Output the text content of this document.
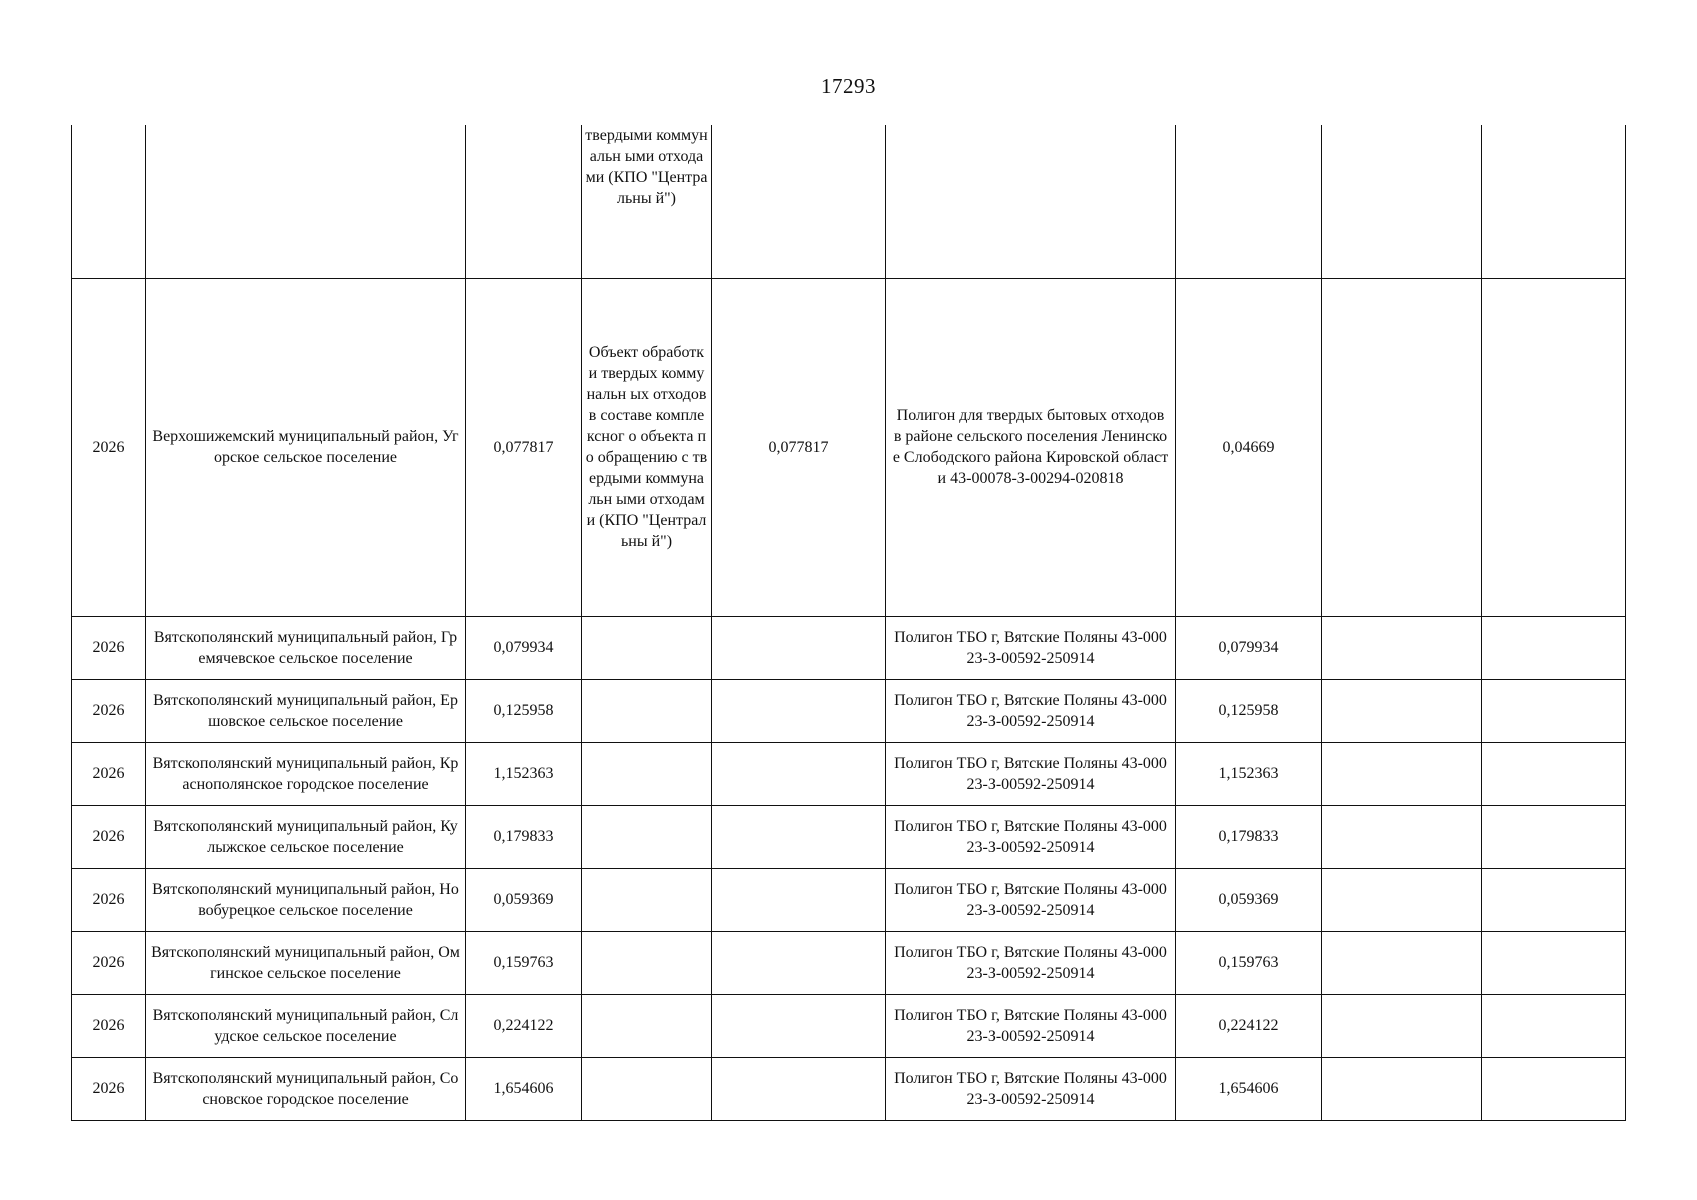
17293
			твердыми коммунальн ыми отходами (КПО "Центральны й")					
2026	Верхошижемский муниципальный район, Угорское сельское поселение	0,077817	Объект обработки твердых коммунальн ых отходов в составе комплексног о объекта по обращению с твердыми коммунальн ыми отходами (КПО "Центральны й")	0,077817	Полигон для твердых бытовых отходов в районе сельского поселения Ленинское Слободского района Кировской области 43-00078-З-00294-020818	0,04669		
2026	Вятскополянский муниципальный район, Гремячевское сельское поселение	0,079934			Полигон ТБО г, Вятские Поляны 43-00023-З-00592-250914	0,079934		
2026	Вятскополянский муниципальный район, Ершовское сельское поселение	0,125958			Полигон ТБО г, Вятские Поляны 43-00023-З-00592-250914	0,125958		
2026	Вятскополянский муниципальный район, Краснополянское городское поселение	1,152363			Полигон ТБО г, Вятские Поляны 43-00023-З-00592-250914	1,152363		
2026	Вятскополянский муниципальный район, Кулыжское сельское поселение	0,179833			Полигон ТБО г, Вятские Поляны 43-00023-З-00592-250914	0,179833		
2026	Вятскополянский муниципальный район, Новобурецкое сельское поселение	0,059369			Полигон ТБО г, Вятские Поляны 43-00023-З-00592-250914	0,059369		
2026	Вятскополянский муниципальный район, Омгинское сельское поселение	0,159763			Полигон ТБО г, Вятские Поляны 43-00023-З-00592-250914	0,159763		
2026	Вятскополянский муниципальный район, Слудское сельское поселение	0,224122			Полигон ТБО г, Вятские Поляны 43-00023-З-00592-250914	0,224122		
2026	Вятскополянский муниципальный район, Сосновское городское поселение	1,654606			Полигон ТБО г, Вятские Поляны 43-00023-З-00592-250914	1,654606		
